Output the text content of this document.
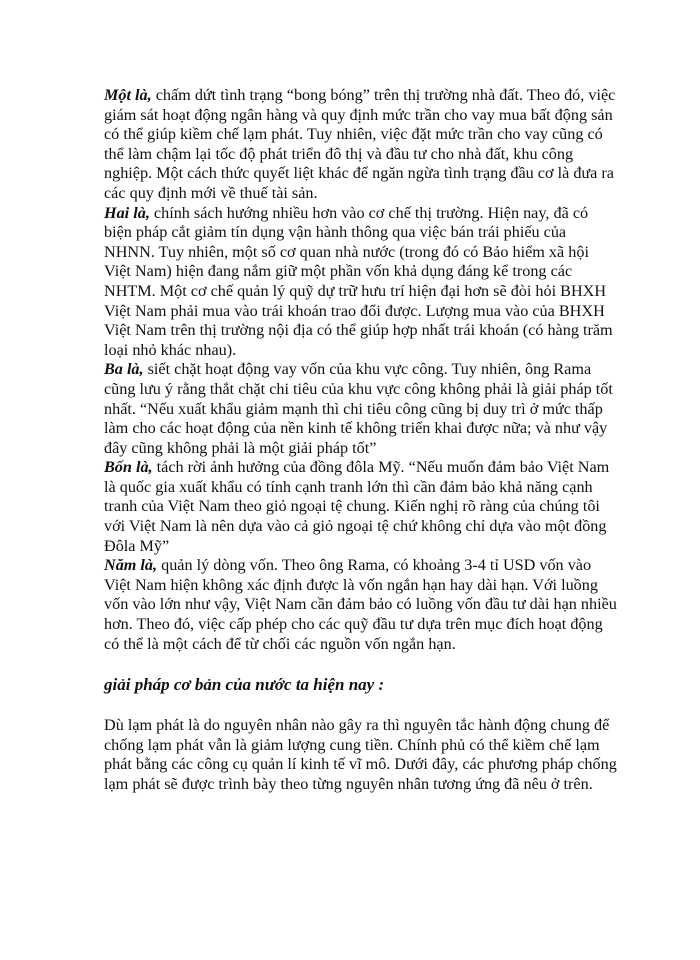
Một là, chấm dứt tình trạng “bong bóng” trên thị trường nhà đất. Theo đó, việc giám sát hoạt động ngân hàng và quy định mức trần cho vay mua bất động sản có thể giúp kiềm chế lạm phát. Tuy nhiên, việc đặt mức trần cho vay cũng có thể làm chậm lại tốc độ phát triển đô thị và đầu tư cho nhà đất, khu công nghiệp. Một cách thức quyết liệt khác để ngăn ngừa tình trạng đầu cơ là đưa ra các quy định mới về thuế tài sản.

Hai là, chính sách hướng nhiều hơn vào cơ chế thị trường. Hiện nay, đã có biện pháp cắt giảm tín dụng vận hành thông qua việc bán trái phiếu của NHNN. Tuy nhiên, một số cơ quan nhà nước (trong đó có Bảo hiểm xã hội Việt Nam) hiện đang nắm giữ một phần vốn khả dụng đáng kể trong các NHTM. Một cơ chế quản lý quỹ dự trữ hưu trí hiện đại hơn sẽ đòi hỏi BHXH Việt Nam phải mua vào trái khoán trao đổi được. Lượng mua vào của BHXH Việt Nam trên thị trường nội địa có thể giúp hợp nhất trái khoán (có hàng trăm loại nhỏ khác nhau).

Ba là, siết chặt hoạt động vay vốn của khu vực công. Tuy nhiên, ông Rama cũng lưu ý rằng thắt chặt chi tiêu của khu vực công không phải là giải pháp tốt nhất. “Nếu xuất khẩu giảm mạnh thì chi tiêu công cũng bị duy trì ở mức thấp làm cho các hoạt động của nền kinh tế không triển khai được nữa; và như vậy đây cũng không phải là một giải pháp tốt”

Bốn là, tách rời ảnh hưởng của đồng đôla Mỹ. “Nếu muốn đảm bảo Việt Nam là quốc gia xuất khẩu có tính cạnh tranh lớn thì cần đảm bảo khả năng cạnh tranh của Việt Nam theo giỏ ngoại tệ chung. Kiến nghị rõ ràng của chúng tôi với Việt Nam là nên dựa vào cả giỏ ngoại tệ chứ không chỉ dựa vào một đồng Đôla Mỹ”

Năm là, quản lý dòng vốn. Theo ông Rama, có khoảng 3-4 tỉ USD vốn vào Việt Nam hiện không xác định được là vốn ngắn hạn hay dài hạn. Với luồng vốn vào lớn như vậy, Việt Nam cần đảm bảo có luồng vốn đầu tư dài hạn nhiều hơn. Theo đó, việc cấp phép cho các quỹ đầu tư dựa trên mục đích hoạt động có thể là một cách để từ chối các nguồn vốn ngắn hạn.

giải pháp cơ bản của nước ta hiện nay :

Dù lạm phát là do nguyên nhân nào gây ra thì nguyên tắc hành động chung để chống lạm phát vẫn là giảm lượng cung tiền. Chính phủ có thể kiềm chế lạm phát bằng các công cụ quản lí kinh tế vĩ mô. Dưới đây, các phương pháp chống lạm phát sẽ được trình bày theo từng nguyên nhân tương ứng đã nêu ở trên.
